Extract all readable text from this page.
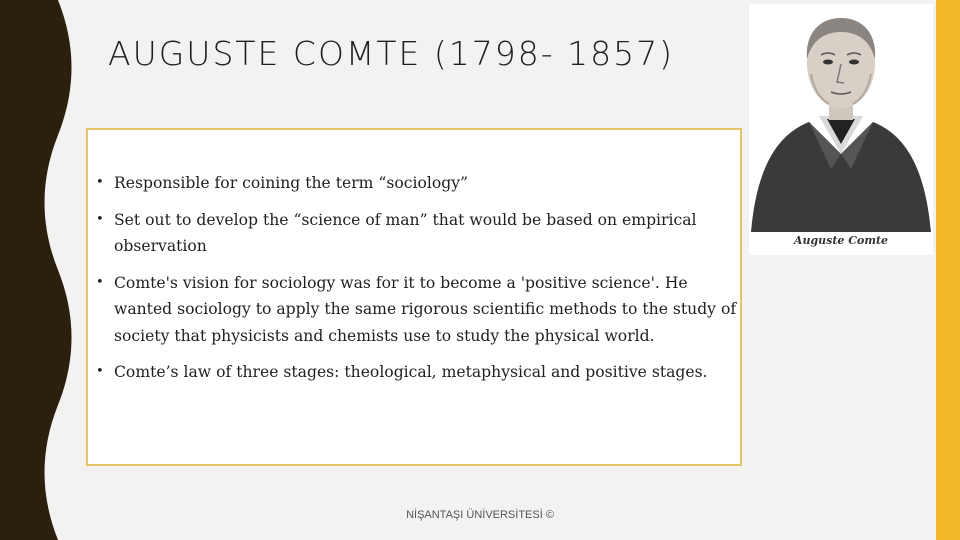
AUGUSTE COMTE (1798- 1857)
• Responsible for coining the term “sociology”
• Set out to develop the “science of man” that would be based on empirical observation
• Comte's vision for sociology was for it to become a 'positive science'. He wanted sociology to apply the same rigorous scientific methods to the study of society that physicists and chemists use to study the physical world.
• Comte’s law of three stages: theological, metaphysical and positive stages.
Auguste Comte
NİŞANTAŞI ÜNİVERSİTESİ ©
